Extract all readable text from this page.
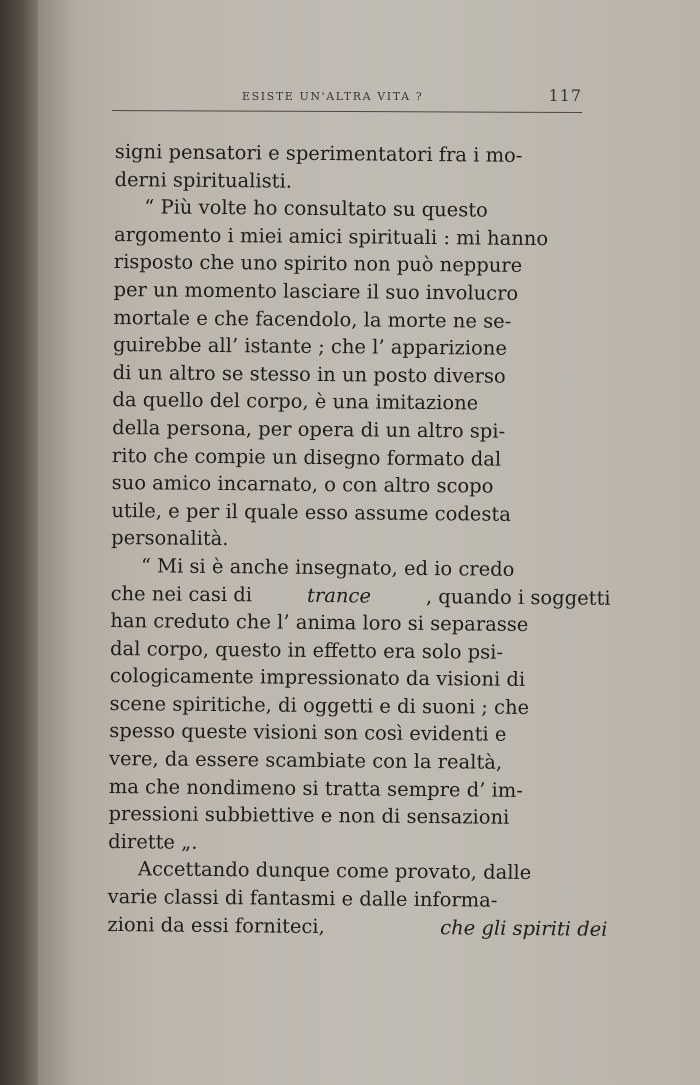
ESISTE UN'ALTRA VITA ?	117
signi pensatori e sperimentatori fra i mo-
derni spiritualisti.
“ Più volte ho consultato su questo
argomento i miei amici spirituali : mi hanno
risposto che uno spirito non può neppure
per un momento lasciare il suo involucro
mortale e che facendolo, la morte ne se-
guirebbe all’ istante ; che l’ apparizione
di un altro se stesso in un posto diverso
da quello del corpo, è una imitazione
della persona, per opera di un altro spi-
rito che compie un disegno formato dal
suo amico incarnato, o con altro scopo
utile, e per il quale esso assume codesta
personalità.
“ Mi si è anche insegnato, ed io credo
che nei casi di	trance	, quando i soggetti
han creduto che l’ anima loro si separasse
dal corpo, questo in effetto era solo psi-
cologicamente impressionato da visioni di
scene spiritiche, di oggetti e di suoni ; che
spesso queste visioni son così evidenti e
vere, da essere scambiate con la realtà,
ma che nondimeno si tratta sempre d’ im-
pressioni subbiettive e non di sensazioni
dirette „.
Accettando dunque come provato, dalle
varie classi di fantasmi e dalle informa-
zioni da essi forniteci,	che gli spiriti dei
